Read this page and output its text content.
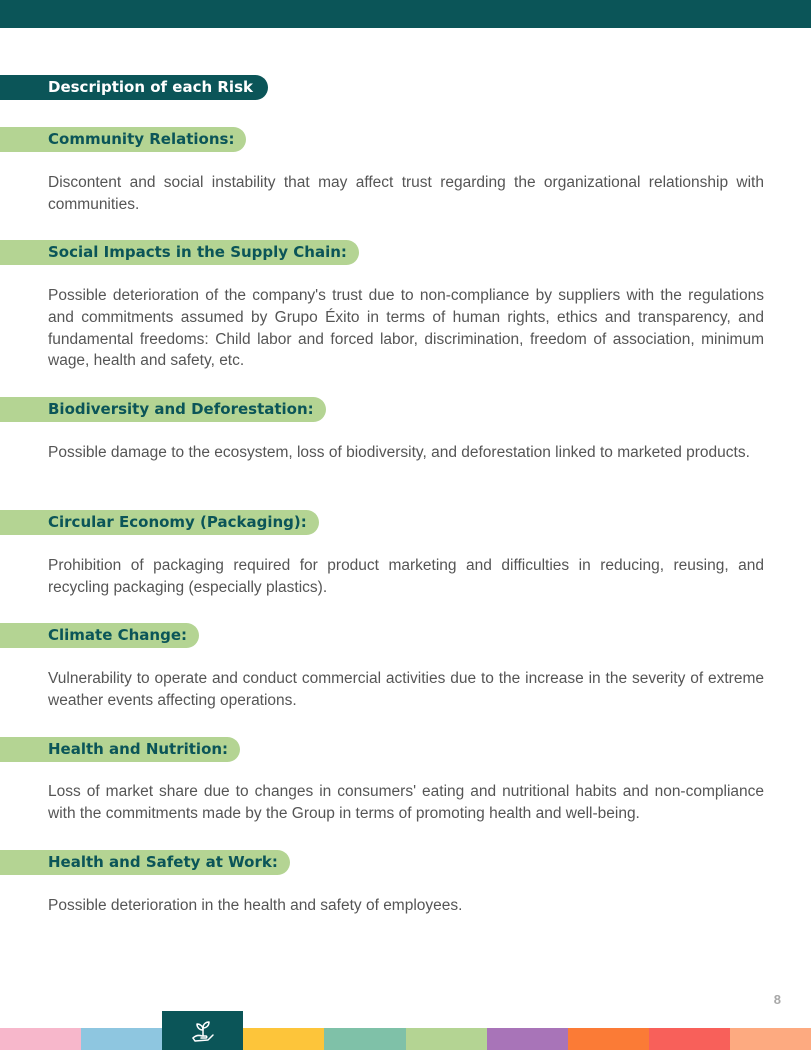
Description of each Risk
Community Relations:

Discontent and social instability that may affect trust regarding the organizational relationship with communities.

Social Impacts in the Supply Chain:

Possible deterioration of the company's trust due to non-compliance by suppliers with the regulations and commitments assumed by Grupo Éxito in terms of human rights, ethics and transparency, and fundamental freedoms: Child labor and forced labor, discrimination, freedom of association, minimum wage, health and safety, etc.

Biodiversity and Deforestation:

Possible damage to the ecosystem, loss of biodiversity, and deforestation linked to marketed products.

Circular Economy (Packaging):

Prohibition of packaging required for product marketing and difficulties in reducing, reusing, and recycling packaging (especially plastics).

Climate Change:

Vulnerability to operate and conduct commercial activities due to the increase in the severity of extreme weather events affecting operations.

Health and Nutrition:

Loss of market share due to changes in consumers' eating and nutritional habits and non-compliance with the commitments made by the Group in terms of promoting health and well-being.

Health and Safety at Work:

Possible deterioration in the health and safety of employees.

8
